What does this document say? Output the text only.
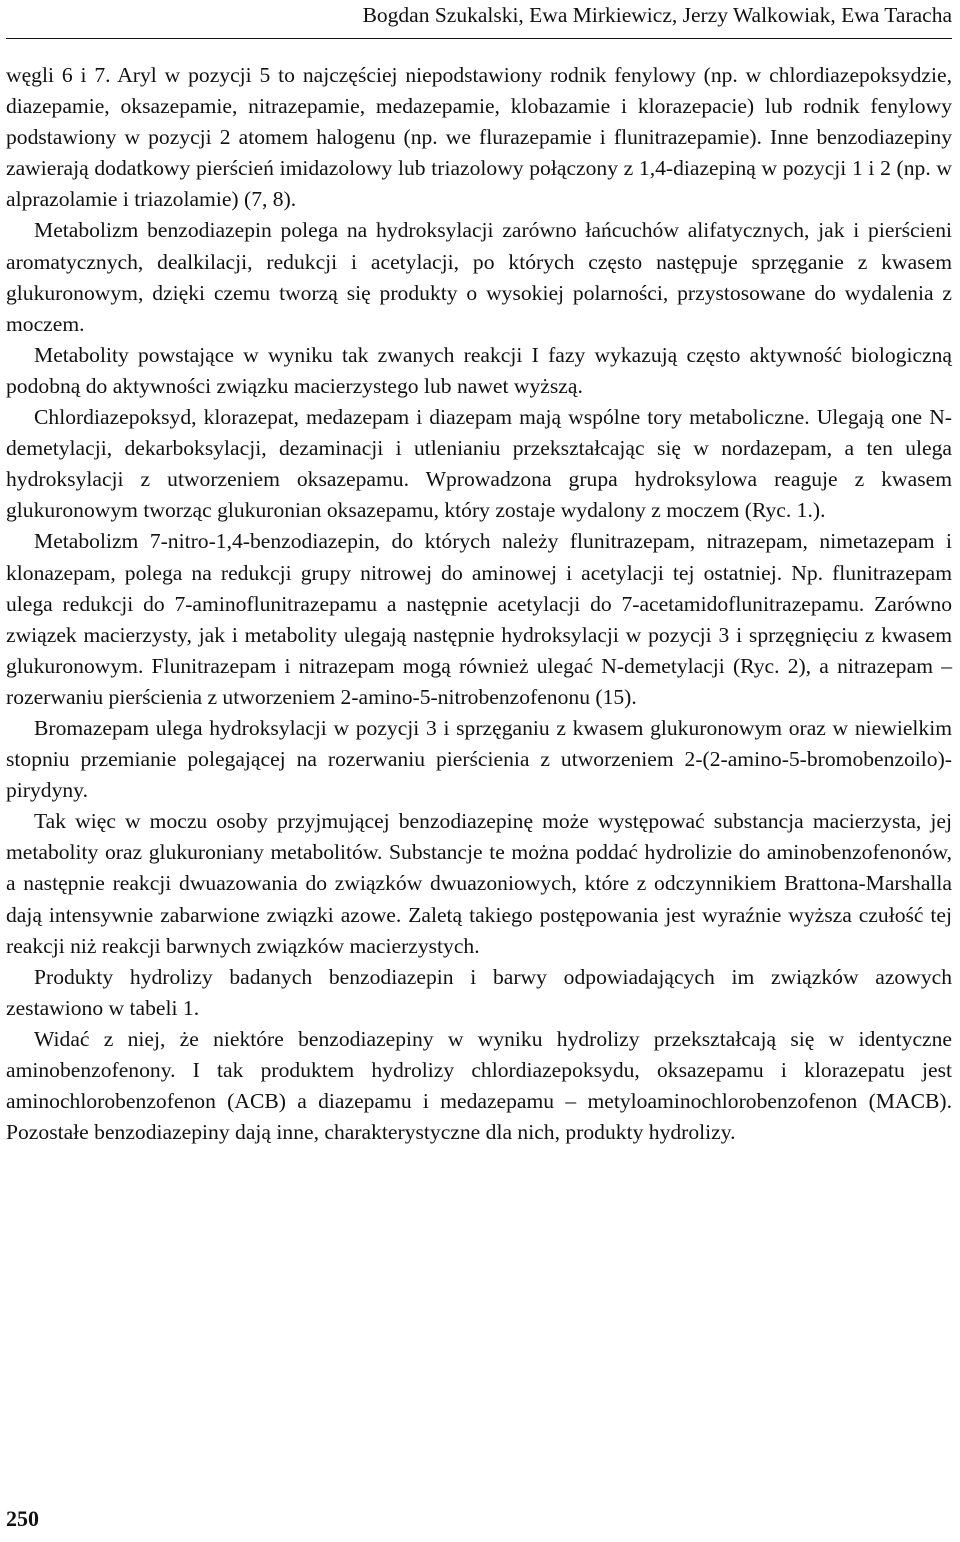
Bogdan Szukalski, Ewa Mirkiewicz, Jerzy Walkowiak, Ewa Taracha

węgli 6 i 7. Aryl w pozycji 5 to najczęściej niepodstawiony rodnik fenylowy (np. w chlordiazepoksydzie, diazepamie, oksazepamie, nitrazepamie, medazepamie, klobazamie i klorazepacie) lub rodnik fenylowy podstawiony w pozycji 2 atomem halogenu (np. we flurazepamie i flunitrazepamie). Inne benzodiazepiny zawierają dodatkowy pierścień imidazolowy lub triazolowy połączony z 1,4-diazepiną w pozycji 1 i 2 (np. w alprazolamie i triazolamie) (7, 8).

Metabolizm benzodiazepin polega na hydroksylacji zarówno łańcuchów alifatycznych, jak i pierścieni aromatycznych, dealkilacji, redukcji i acetylacji, po których często następuje sprzęganie z kwasem glukuronowym, dzięki czemu tworzą się produkty o wysokiej polarności, przystosowane do wydalenia z moczem.

Metabolity powstające w wyniku tak zwanych reakcji I fazy wykazują często aktywność biologiczną podobną do aktywności związku macierzystego lub nawet wyższą.

Chlordiazepoksyd, klorazepat, medazepam i diazepam mają wspólne tory metaboliczne. Ulegają one N-demetylacji, dekarboksylacji, dezaminacji i utlenianiu przekształcając się w nordazepam, a ten ulega hydroksylacji z utworzeniem oksazepamu. Wprowadzona grupa hydroksylowa reaguje z kwasem glukuronowym tworząc glukuronian oksazepamu, który zostaje wydalony z moczem (Ryc. 1.).

Metabolizm 7-nitro-1,4-benzodiazepin, do których należy flunitrazepam, nitrazepam, nimetazepam i klonazepam, polega na redukcji grupy nitrowej do aminowej i acetylacji tej ostatniej. Np. flunitrazepam ulega redukcji do 7-aminoflunitrazepamu a następnie acetylacji do 7-acetamidoflunitrazepamu. Zarówno związek macierzysty, jak i metabolity ulegają następnie hydroksylacji w pozycji 3 i sprzęgnięciu z kwasem glukuronowym. Flunitrazepam i nitrazepam mogą również ulegać N-demetylacji (Ryc. 2), a nitrazepam – rozerwaniu pierścienia z utworzeniem 2-amino-5-nitrobenzofenonu (15).

Bromazepam ulega hydroksylacji w pozycji 3 i sprzęganiu z kwasem glukuronowym oraz w niewielkim stopniu przemianie polegającej na rozerwaniu pierścienia z utworzeniem 2-(2-amino-5-bromobenzoilo)-pirydyny.

Tak więc w moczu osoby przyjmującej benzodiazepinę może występować substancja macierzysta, jej metabolity oraz glukuroniany metabolitów. Substancje te można poddać hydrolizie do aminobenzofenonów, a następnie reakcji dwuazowania do związków dwuazoniowych, które z odczynnikiem Brattona-Marshalla dają intensywnie zabarwione związki azowe. Zaletą takiego postępowania jest wyraźnie wyższa czułość tej reakcji niż reakcji barwnych związków macierzystych.

Produkty hydrolizy badanych benzodiazepin i barwy odpowiadających im związków azowych zestawiono w tabeli 1.

Widać z niej, że niektóre benzodiazepiny w wyniku hydrolizy przekształcają się w identyczne aminobenzofenony. I tak produktem hydrolizy chlordiazepoksydu, oksazepamu i klorazepatu jest aminochlorobenzofenon (ACB) a diazepamu i medazepamu – metyloaminochlorobenzofenon (MACB). Pozostałe benzodiazepiny dają inne, charakterystyczne dla nich, produkty hydrolizy.

250
